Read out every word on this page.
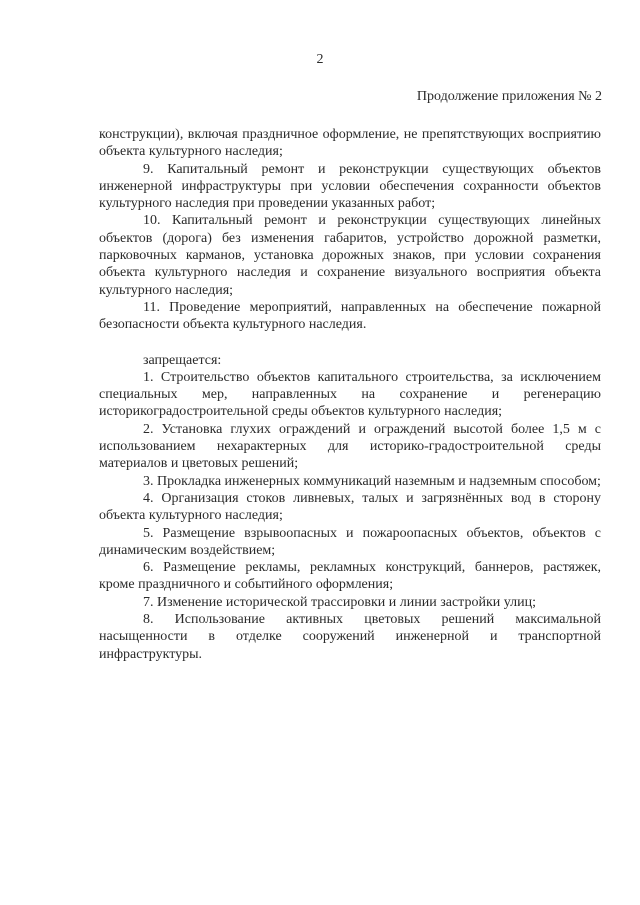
2
Продолжение приложения № 2

конструкции), включая праздничное оформление, не препятствующих восприятию объекта культурного наследия;

9. Капитальный ремонт и реконструкции существующих объектов инженерной инфраструктуры при условии обеспечения сохранности объектов культурного наследия при проведении указанных работ;

10. Капитальный ремонт и реконструкции существующих линейных объектов (дорога) без изменения габаритов, устройство дорожной разметки, парковочных карманов, установка дорожных знаков, при условии сохранения объекта культурного наследия и сохранение визуального восприятия объекта культурного наследия;

11. Проведение мероприятий, направленных на обеспечение пожарной безопасности объекта культурного наследия.

запрещается:

1. Строительство объектов капитального строительства, за исключением специальных мер, направленных на сохранение и регенерацию историкоградостроительной среды объектов культурного наследия;

2. Установка глухих ограждений и ограждений высотой более 1,5 м с использованием нехарактерных для историко-градостроительной среды материалов и цветовых решений;

3. Прокладка инженерных коммуникаций наземным и надземным способом;

4. Организация стоков ливневых, талых и загрязнённых вод в сторону объекта культурного наследия;

5. Размещение взрывоопасных и пожароопасных объектов, объектов с динамическим воздействием;

6. Размещение рекламы, рекламных конструкций, баннеров, растяжек, кроме праздничного и событийного оформления;

7. Изменение исторической трассировки и линии застройки улиц;

8. Использование активных цветовых решений максимальной насыщенности в отделке сооружений инженерной и транспортной инфраструктуры.
